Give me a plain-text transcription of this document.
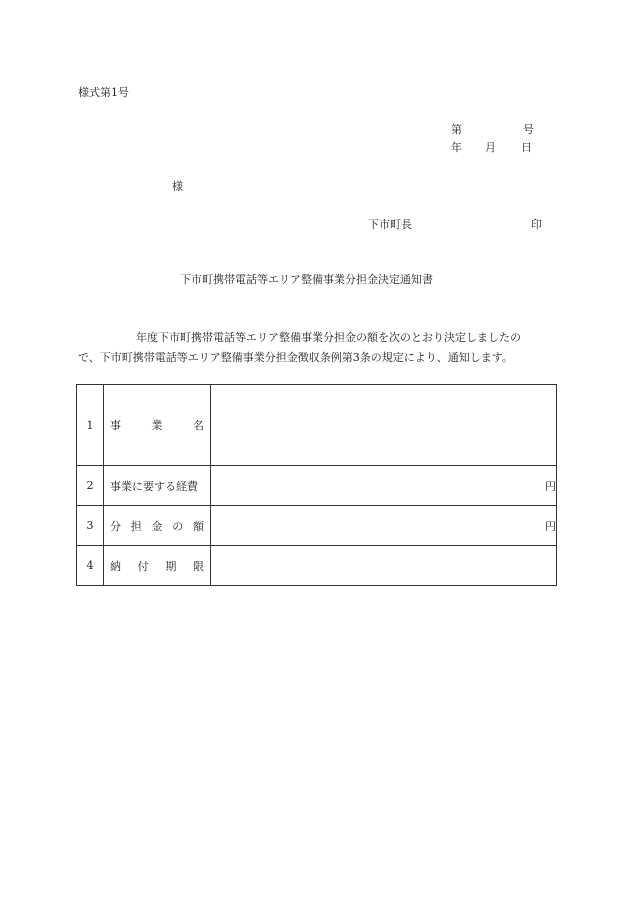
様式第1号
第	号
年 月 日
様
下市町長	印
下市町携帯電話等エリア整備事業分担金決定通知書

年度下市町携帯電話等エリア整備事業分担金の額を次のとおり決定しましたの

で、下市町携帯電話等エリア整備事業分担金徴収条例第3条の規定により、通知します。

1	事 業 名	

2	事業に要する経費	円
3	分 担 金 の 額	円
4	納 付 期 限	
